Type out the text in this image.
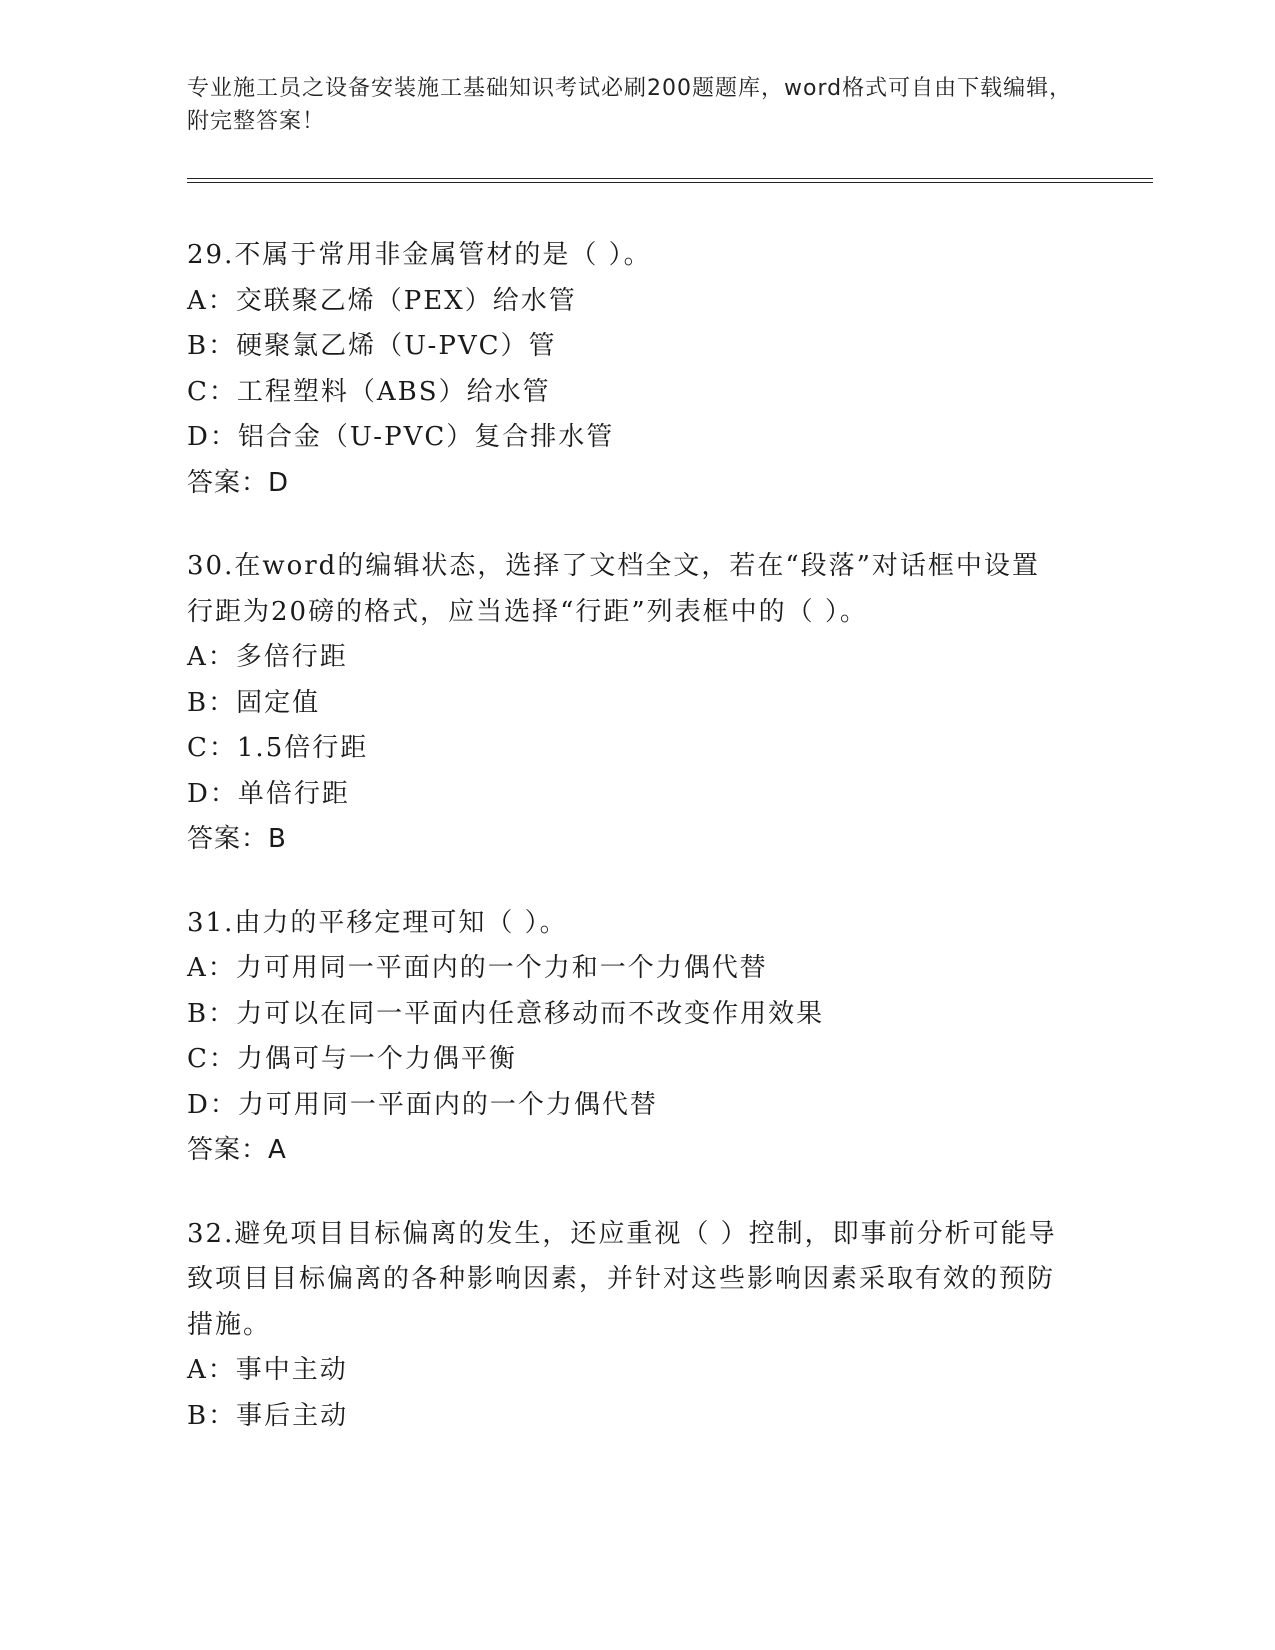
专业施工员之设备安装施工基础知识考试必刷200题题库，word格式可自由下载编辑，附完整答案！
29.不属于常用非金属管材的是（ ）。
A：交联聚乙烯（PEX）给水管
B：硬聚氯乙烯（U-PVC）管
C：工程塑料（ABS）给水管
D：铝合金（U-PVC）复合排水管
答案：D
30.在word的编辑状态，选择了文档全文，若在“段落”对话框中设置行距为20磅的格式，应当选择“行距”列表框中的（ ）。
A：多倍行距
B：固定值
C：1.5倍行距
D：单倍行距
答案：B
31.由力的平移定理可知（ ）。
A：力可用同一平面内的一个力和一个力偶代替
B：力可以在同一平面内任意移动而不改变作用效果
C：力偶可与一个力偶平衡
D：力可用同一平面内的一个力偶代替
答案：A
32.避免项目目标偏离的发生，还应重视（ ）控制，即事前分析可能导致项目目标偏离的各种影响因素，并针对这些影响因素采取有效的预防措施。
A：事中主动
B：事后主动
